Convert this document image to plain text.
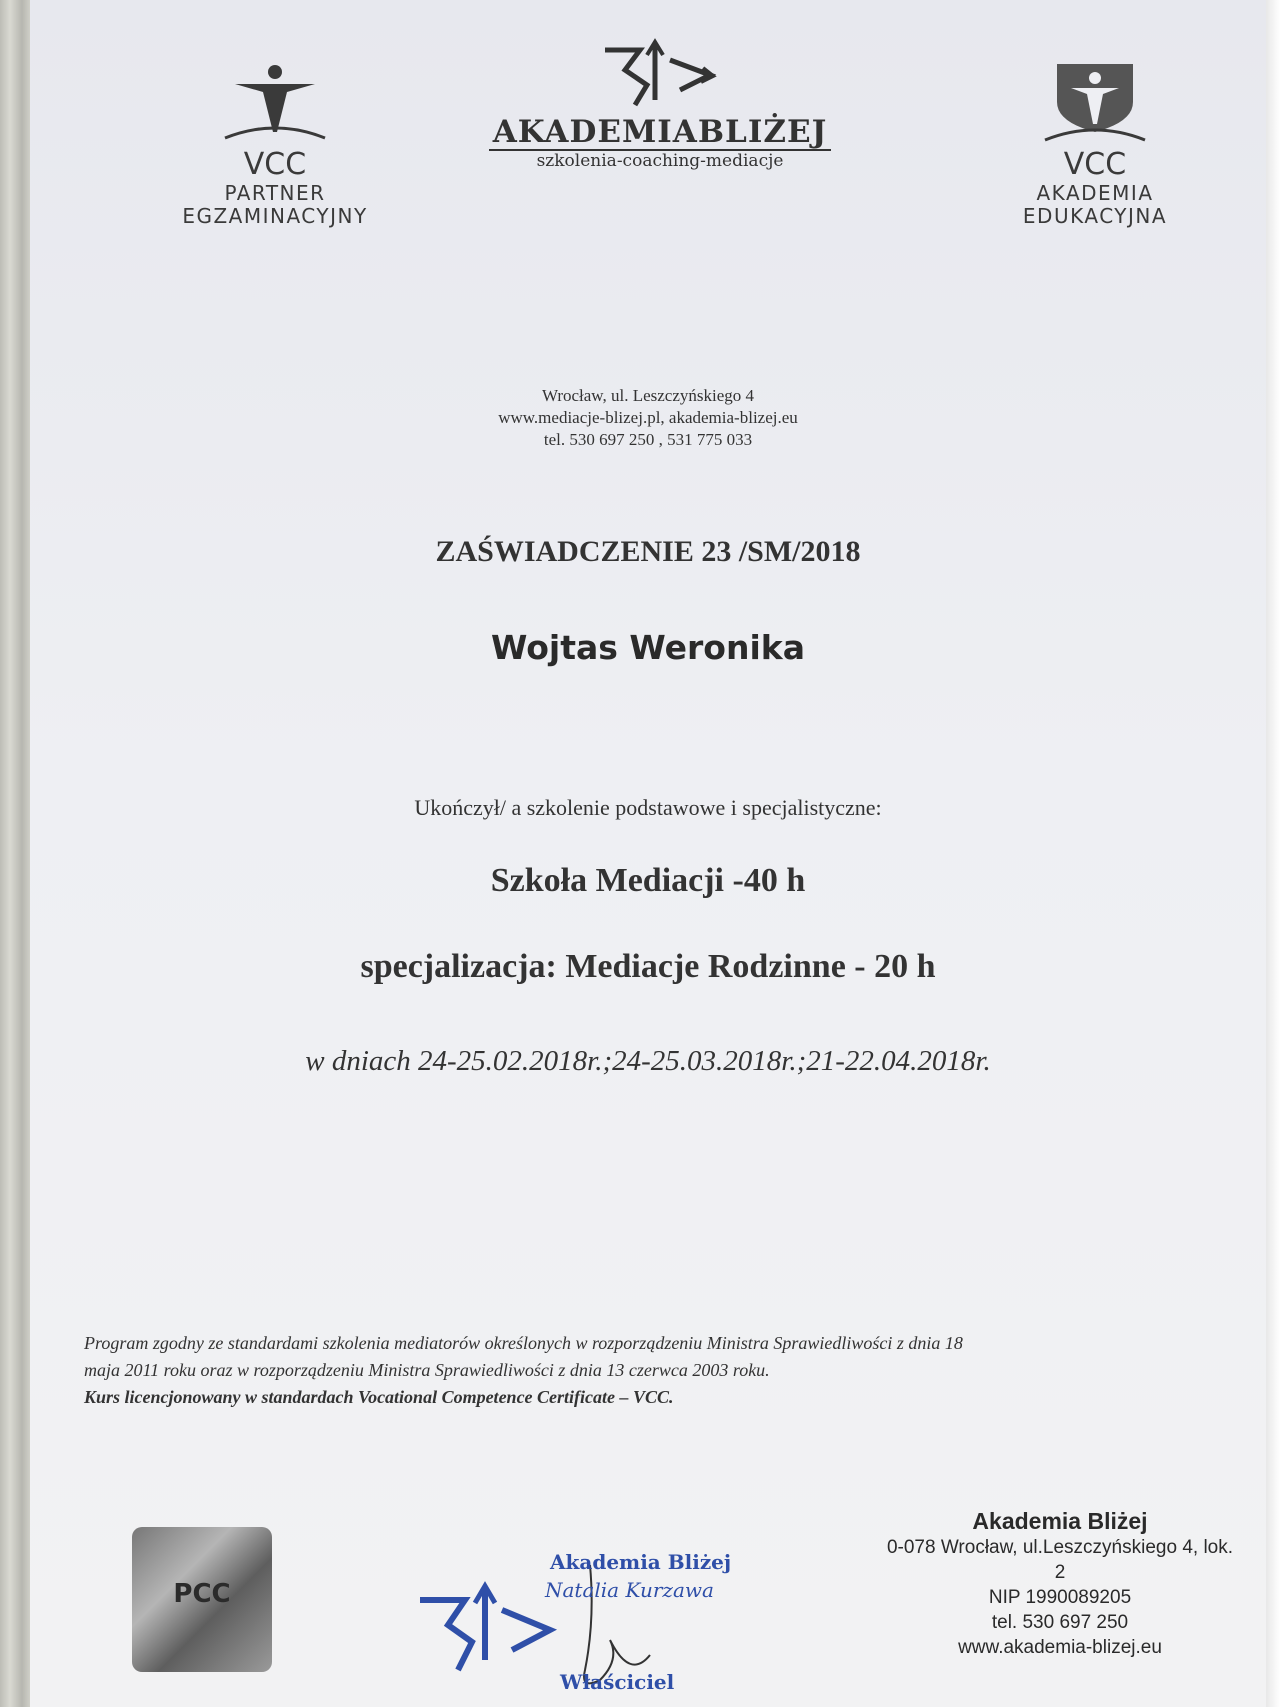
VCC
PARTNER
EGZAMINACYJNY
AKADEMIABLIŻEJ
szkolenia-coaching-mediacje	VCC
AKADEMIA
EDUKACYJNA
Wrocław, ul. Leszczyńskiego 4
www.mediacje-blizej.pl, akademia-blizej.eu
tel. 530 697 250 , 531 775 033
ZAŚWIADCZENIE 23 /SM/2018
Wojtas Weronika
Ukończył/ a szkolenie podstawowe i specjalistyczne:
Szkoła Mediacji -40 h
specjalizacja: Mediacje Rodzinne - 20 h
w dniach 24-25.02.2018r.;24-25.03.2018r.;21-22.04.2018r.
Program zgodny ze standardami szkolenia mediatorów określonych w rozporządzeniu Ministra Sprawiedliwości z dnia 18
maja 2011 roku oraz w rozporządzeniu Ministra Sprawiedliwości z dnia 13 czerwca 2003 roku.
Kurs licencjonowany w standardach Vocational Competence Certificate – VCC.
PCC
Akademia Bliżej
Natalia Kurzawa
Właściciel
Akademia Bliżej
0-078 Wrocław, ul.Leszczyńskiego 4, lok. 2
NIP 1990089205
tel. 530 697 250
www.akademia-blizej.eu
